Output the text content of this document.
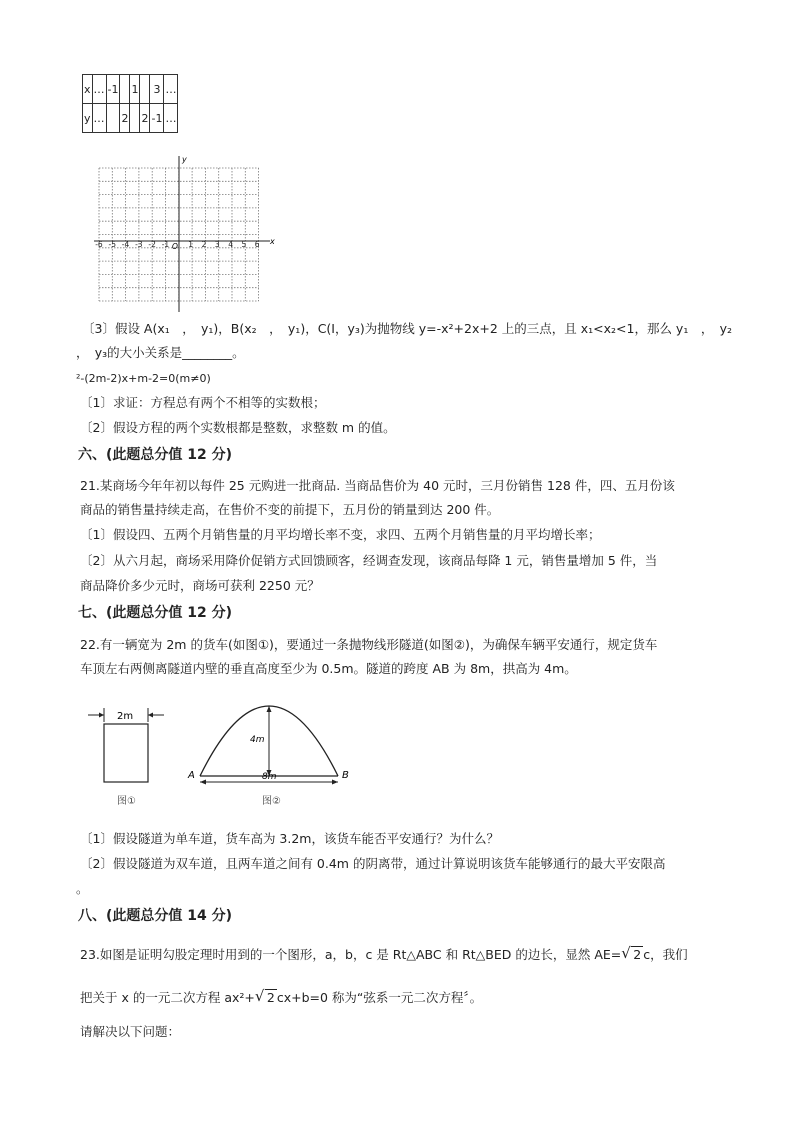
x	…	-1		1		3	…
y	…		2		2	-1	…
y
x
O
-6 -5 -4 -3 -2 -1	1 2 3 4 5 6
〔3〕假设 A(x₁　，　y₁)，B(x₂　，　y₁)，C(I，y₃)为抛物线 y=-x²+2x+2 上的三点，且 x₁<x₂<1，那么 y₁　，　y₂
，　y₃的大小关系是________。
²-(2m-2)x+m-2=0(m≠0)
〔1〕求证：方程总有两个不相等的实数根；
〔2〕假设方程的两个实数根都是整数，求整数 m 的值。
六、(此题总分值 12 分)
21.某商场今年年初以每件 25 元购进一批商品. 当商品售价为 40 元时，三月份销售 128 件，四、五月份该
商品的销售量持续走高，在售价不变的前提下，五月份的销量到达 200 件。
〔1〕假设四、五两个月销售量的月平均增长率不变，求四、五两个月销售量的月平均增长率；
〔2〕从六月起，商场采用降价促销方式回馈顾客，经调查发现，该商品每降 1 元，销售量增加 5 件，当
商品降价多少元时，商场可获利 2250 元？
七、(此题总分值 12 分)
22.有一辆宽为 2m 的货车(如图①)，要通过一条抛物线形隧道(如图②)，为确保车辆平安通行，规定货车
车顶左右两侧离隧道内壁的垂直高度至少为 0.5m。隧道的跨度 AB 为 8m，拱高为 4m。
2m
图①
4m
8m
A	B
图②
〔1〕假设隧道为单车道，货车高为 3.2m，该货车能否平安通行？为什么？
〔2〕假设隧道为双车道，且两车道之间有 0.4m 的阴离带，通过计算说明该货车能够通行的最大平安限高
。
八、(此题总分值 14 分)
23.如图是证明勾股定理时用到的一个图形，a，b，c 是 Rt△ABC 和 Rt△BED 的边长，显然 AE= √ 2 c，我们
把关于 x 的一元二次方程 ax²+ √ 2 cx+b=0 称为“弦系一元二次方程〞。
请解决以下问题：
